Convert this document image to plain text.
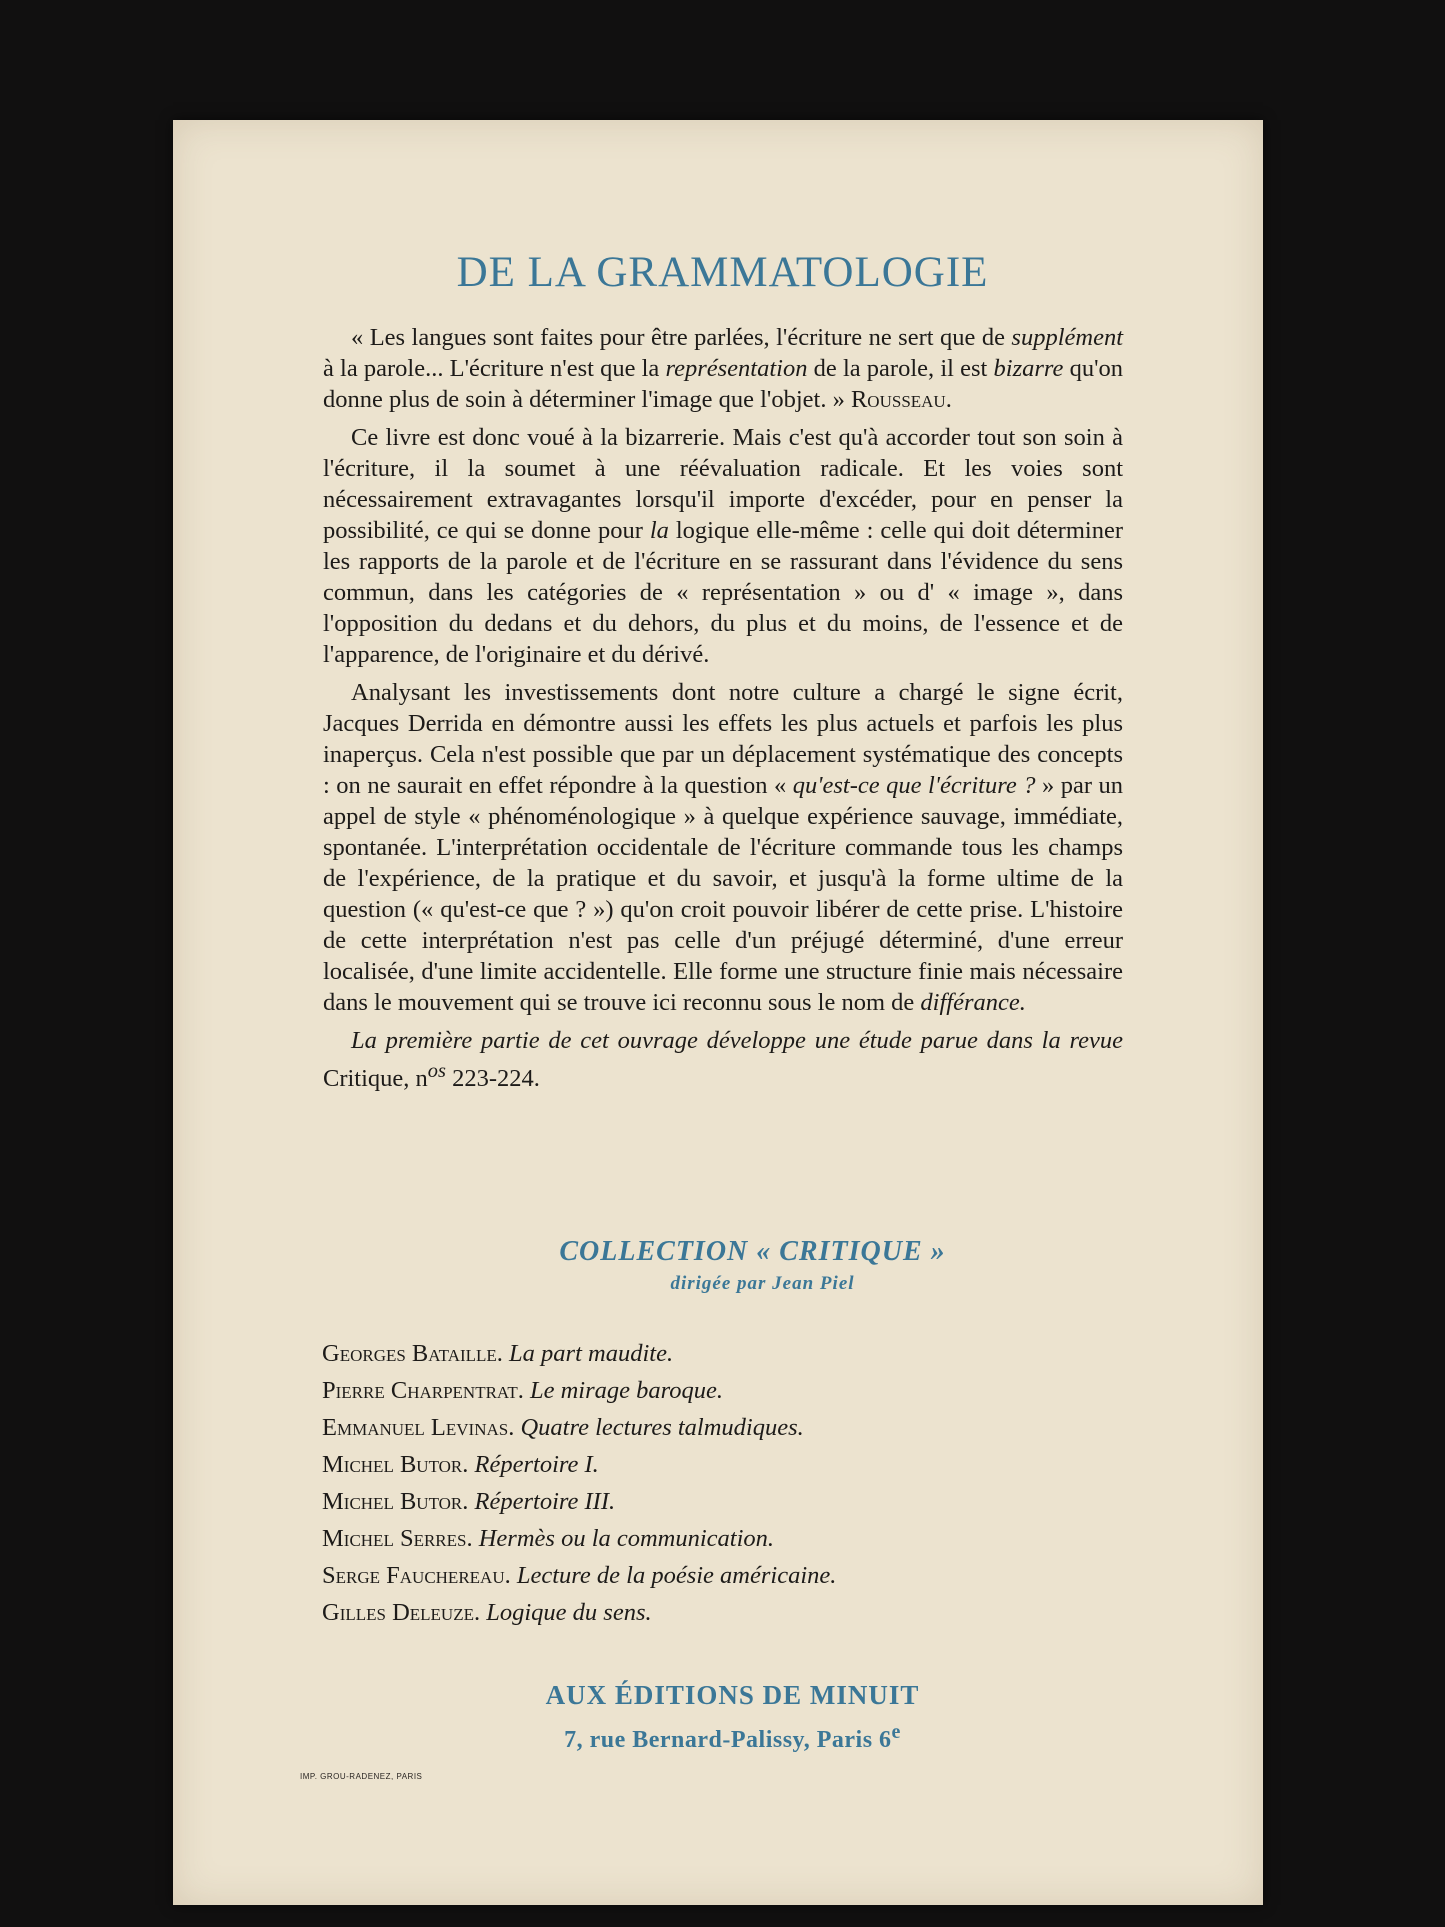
DE LA GRAMMATOLOGIE

« Les langues sont faites pour être parlées, l'écriture ne sert que de supplément à la parole... L'écriture n'est que la représentation de la parole, il est bizarre qu'on donne plus de soin à déterminer l'image que l'objet. » Rousseau.

Ce livre est donc voué à la bizarrerie. Mais c'est qu'à accorder tout son soin à l'écriture, il la soumet à une réévaluation radicale. Et les voies sont nécessairement extravagantes lorsqu'il importe d'excéder, pour en penser la possibilité, ce qui se donne pour la logique elle-même : celle qui doit déterminer les rapports de la parole et de l'écriture en se rassurant dans l'évidence du sens commun, dans les catégories de « représentation » ou d' « image », dans l'opposition du dedans et du dehors, du plus et du moins, de l'essence et de l'apparence, de l'originaire et du dérivé.

Analysant les investissements dont notre culture a chargé le signe écrit, Jacques Derrida en démontre aussi les effets les plus actuels et parfois les plus inaperçus. Cela n'est possible que par un déplacement systématique des concepts : on ne saurait en effet répondre à la question « qu'est-ce que l'écriture ? » par un appel de style « phénoménologique » à quelque expérience sauvage, immédiate, spontanée. L'interprétation occidentale de l'écriture commande tous les champs de l'expérience, de la pratique et du savoir, et jusqu'à la forme ultime de la question (« qu'est-ce que ? ») qu'on croit pouvoir libérer de cette prise. L'histoire de cette interprétation n'est pas celle d'un préjugé déterminé, d'une erreur localisée, d'une limite accidentelle. Elle forme une structure finie mais nécessaire dans le mouvement qui se trouve ici reconnu sous le nom de différance.

La première partie de cet ouvrage développe une étude parue dans la revue Critique, $n^{os}$ 223-224.

COLLECTION « CRITIQUE »
dirigée par Jean Piel
Georges Bataille. La part maudite.
Pierre Charpentrat. Le mirage baroque.
Emmanuel Levinas. Quatre lectures talmudiques.
Michel Butor. Répertoire I.
Michel Butor. Répertoire III.
Michel Serres. Hermès ou la communication.
Serge Fauchereau. Lecture de la poésie américaine.
Gilles Deleuze. Logique du sens.
AUX ÉDITIONS DE MINUIT
7, rue Bernard-Palissy, Paris 6e
IMP. GROU-RADENEZ, PARIS
